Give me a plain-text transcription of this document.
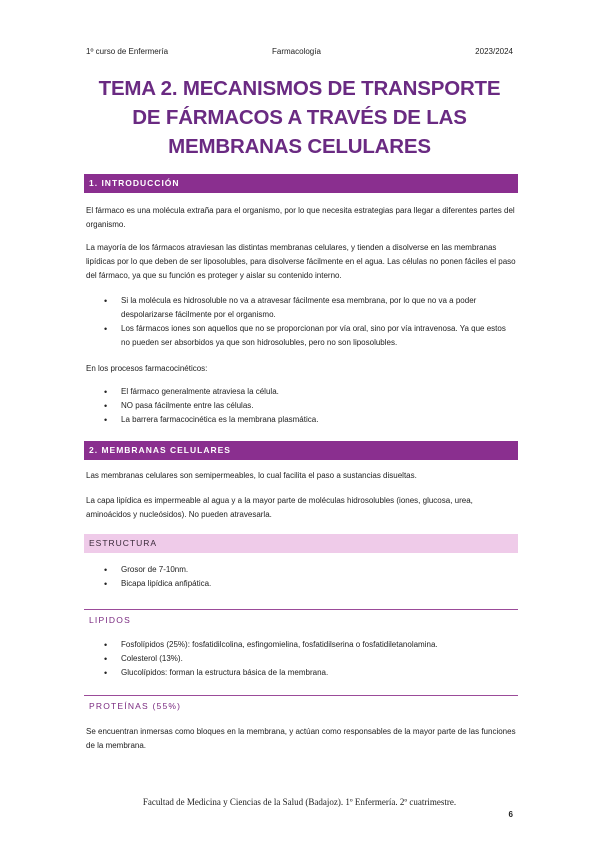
1º curso de Enfermería	Farmacología	2023/2024
TEMA 2. MECANISMOS DE TRANSPORTE
DE FÁRMACOS A TRAVÉS DE LAS
MEMBRANAS CELULARES
1. INTRODUCCIÓN
El fármaco es una molécula extraña para el organismo, por lo que necesita estrategias para llegar a diferentes partes del organismo.
La mayoría de los fármacos atraviesan las distintas membranas celulares, y tienden a disolverse en las membranas lipídicas por lo que deben de ser liposolubles, para disolverse fácilmente en el agua. Las células no ponen fáciles el paso del fármaco, ya que su función es proteger y aislar su contenido interno.
• Si la molécula es hidrosoluble no va a atravesar fácilmente esa membrana, por lo que no va a poder despolarizarse fácilmente por el organismo.
• Los fármacos iones son aquellos que no se proporcionan por vía oral, sino por vía intravenosa. Ya que estos no pueden ser absorbidos ya que son hidrosolubles, pero no son liposolubles.
En los procesos farmacocinéticos:
• El fármaco generalmente atraviesa la célula.
• NO pasa fácilmente entre las células.
• La barrera farmacocinética es la membrana plasmática.
2. MEMBRANAS CELULARES
Las membranas celulares son semipermeables, lo cual facilita el paso a sustancias disueltas.
La capa lipídica es impermeable al agua y a la mayor parte de moléculas hidrosolubles (iones, glucosa, urea, aminoácidos y nucleósidos). No pueden atravesarla.
ESTRUCTURA
• Grosor de 7-10nm.
• Bicapa lipídica anfipática.
LIPIDOS
• Fosfolípidos (25%): fosfatidilcolina, esfingomielina, fosfatidilserina o fosfatidiletanolamina.
• Colesterol (13%).
• Glucolípidos: forman la estructura básica de la membrana.
PROTEÍNAS (55%)
Se encuentran inmersas como bloques en la membrana, y actúan como responsables de la mayor parte de las funciones de la membrana.
Facultad de Medicina y Ciencias de la Salud (Badajoz). 1º Enfermería. 2º cuatrimestre.
6
